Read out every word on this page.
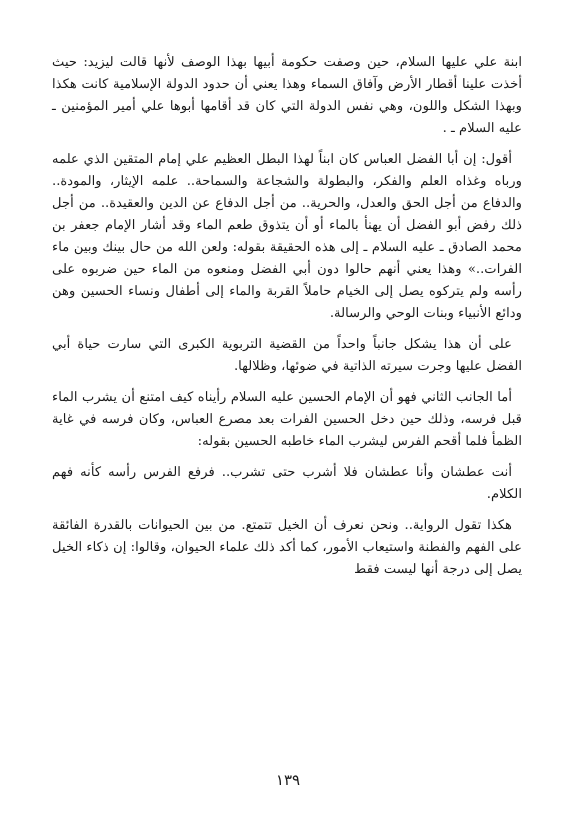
ابنة علي عليها السلام، حين وصفت حكومة أبيها بهذا الوصف لأنها قالت ليزيد: حيث أخذت علينا أقطار الأرض وآفاق السماء وهذا يعني أن حدود الدولة الإسلامية كانت هكذا وبهذا الشكل واللون، وهي نفس الدولة التي كان قد أقامها أبوها علي أمير المؤمنين ـ عليه السلام ـ .

أقول: إن أبا الفضل العباس كان ابناً لهذا البطل العظيم علي إمام المتقين الذي علمه ورباه وغذاه العلم والفكر، والبطولة والشجاعة والسماحة.. علمه الإيثار، والمودة.. والدفاع من أجل الحق والعدل، والحرية.. من أجل الدفاع عن الدين والعقيدة.. من أجل ذلك رفض أبو الفضل أن يهنأ بالماء أو أن يتذوق طعم الماء وقد أشار الإمام جعفر بن محمد الصادق ـ عليه السلام ـ إلى هذه الحقيقة بقوله: ولعن الله من حال بينك وبين ماء الفرات..» وهذا يعني أنهم حالوا دون أبي الفضل ومنعوه من الماء حين ضربوه على رأسه ولم يتركوه يصل إلى الخيام حاملاً القربة والماء إلى أطفال ونساء الحسين وهن ودائع الأنبياء وبنات الوحي والرسالة.

على أن هذا يشكل جانباً واحداً من القضية التربوية الكبرى التي سارت حياة أبي الفضل عليها وجرت سيرته الذاتية في ضوئها، وظلالها.

أما الجانب الثاني فهو أن الإمام الحسين عليه السلام رأيناه كيف امتنع أن يشرب الماء قبل فرسه، وذلك حين دخل الحسين الفرات بعد مصرع العباس، وكان فرسه في غاية الظمأ فلما أقحم الفرس ليشرب الماء خاطبه الحسين بقوله:

أنت عطشان وأنا عطشان فلا أشرب حتى تشرب.. فرفع الفرس رأسه كأنه فهم الكلام.

هكذا تقول الرواية.. ونحن نعرف أن الخيل تتمتع. من بين الحيوانات بالقدرة الفائقة على الفهم والفطنة واستيعاب الأمور، كما أكد ذلك علماء الحيوان، وقالوا: إن ذكاء الخيل يصل إلى درجة أنها ليست فقط

١٣٩
